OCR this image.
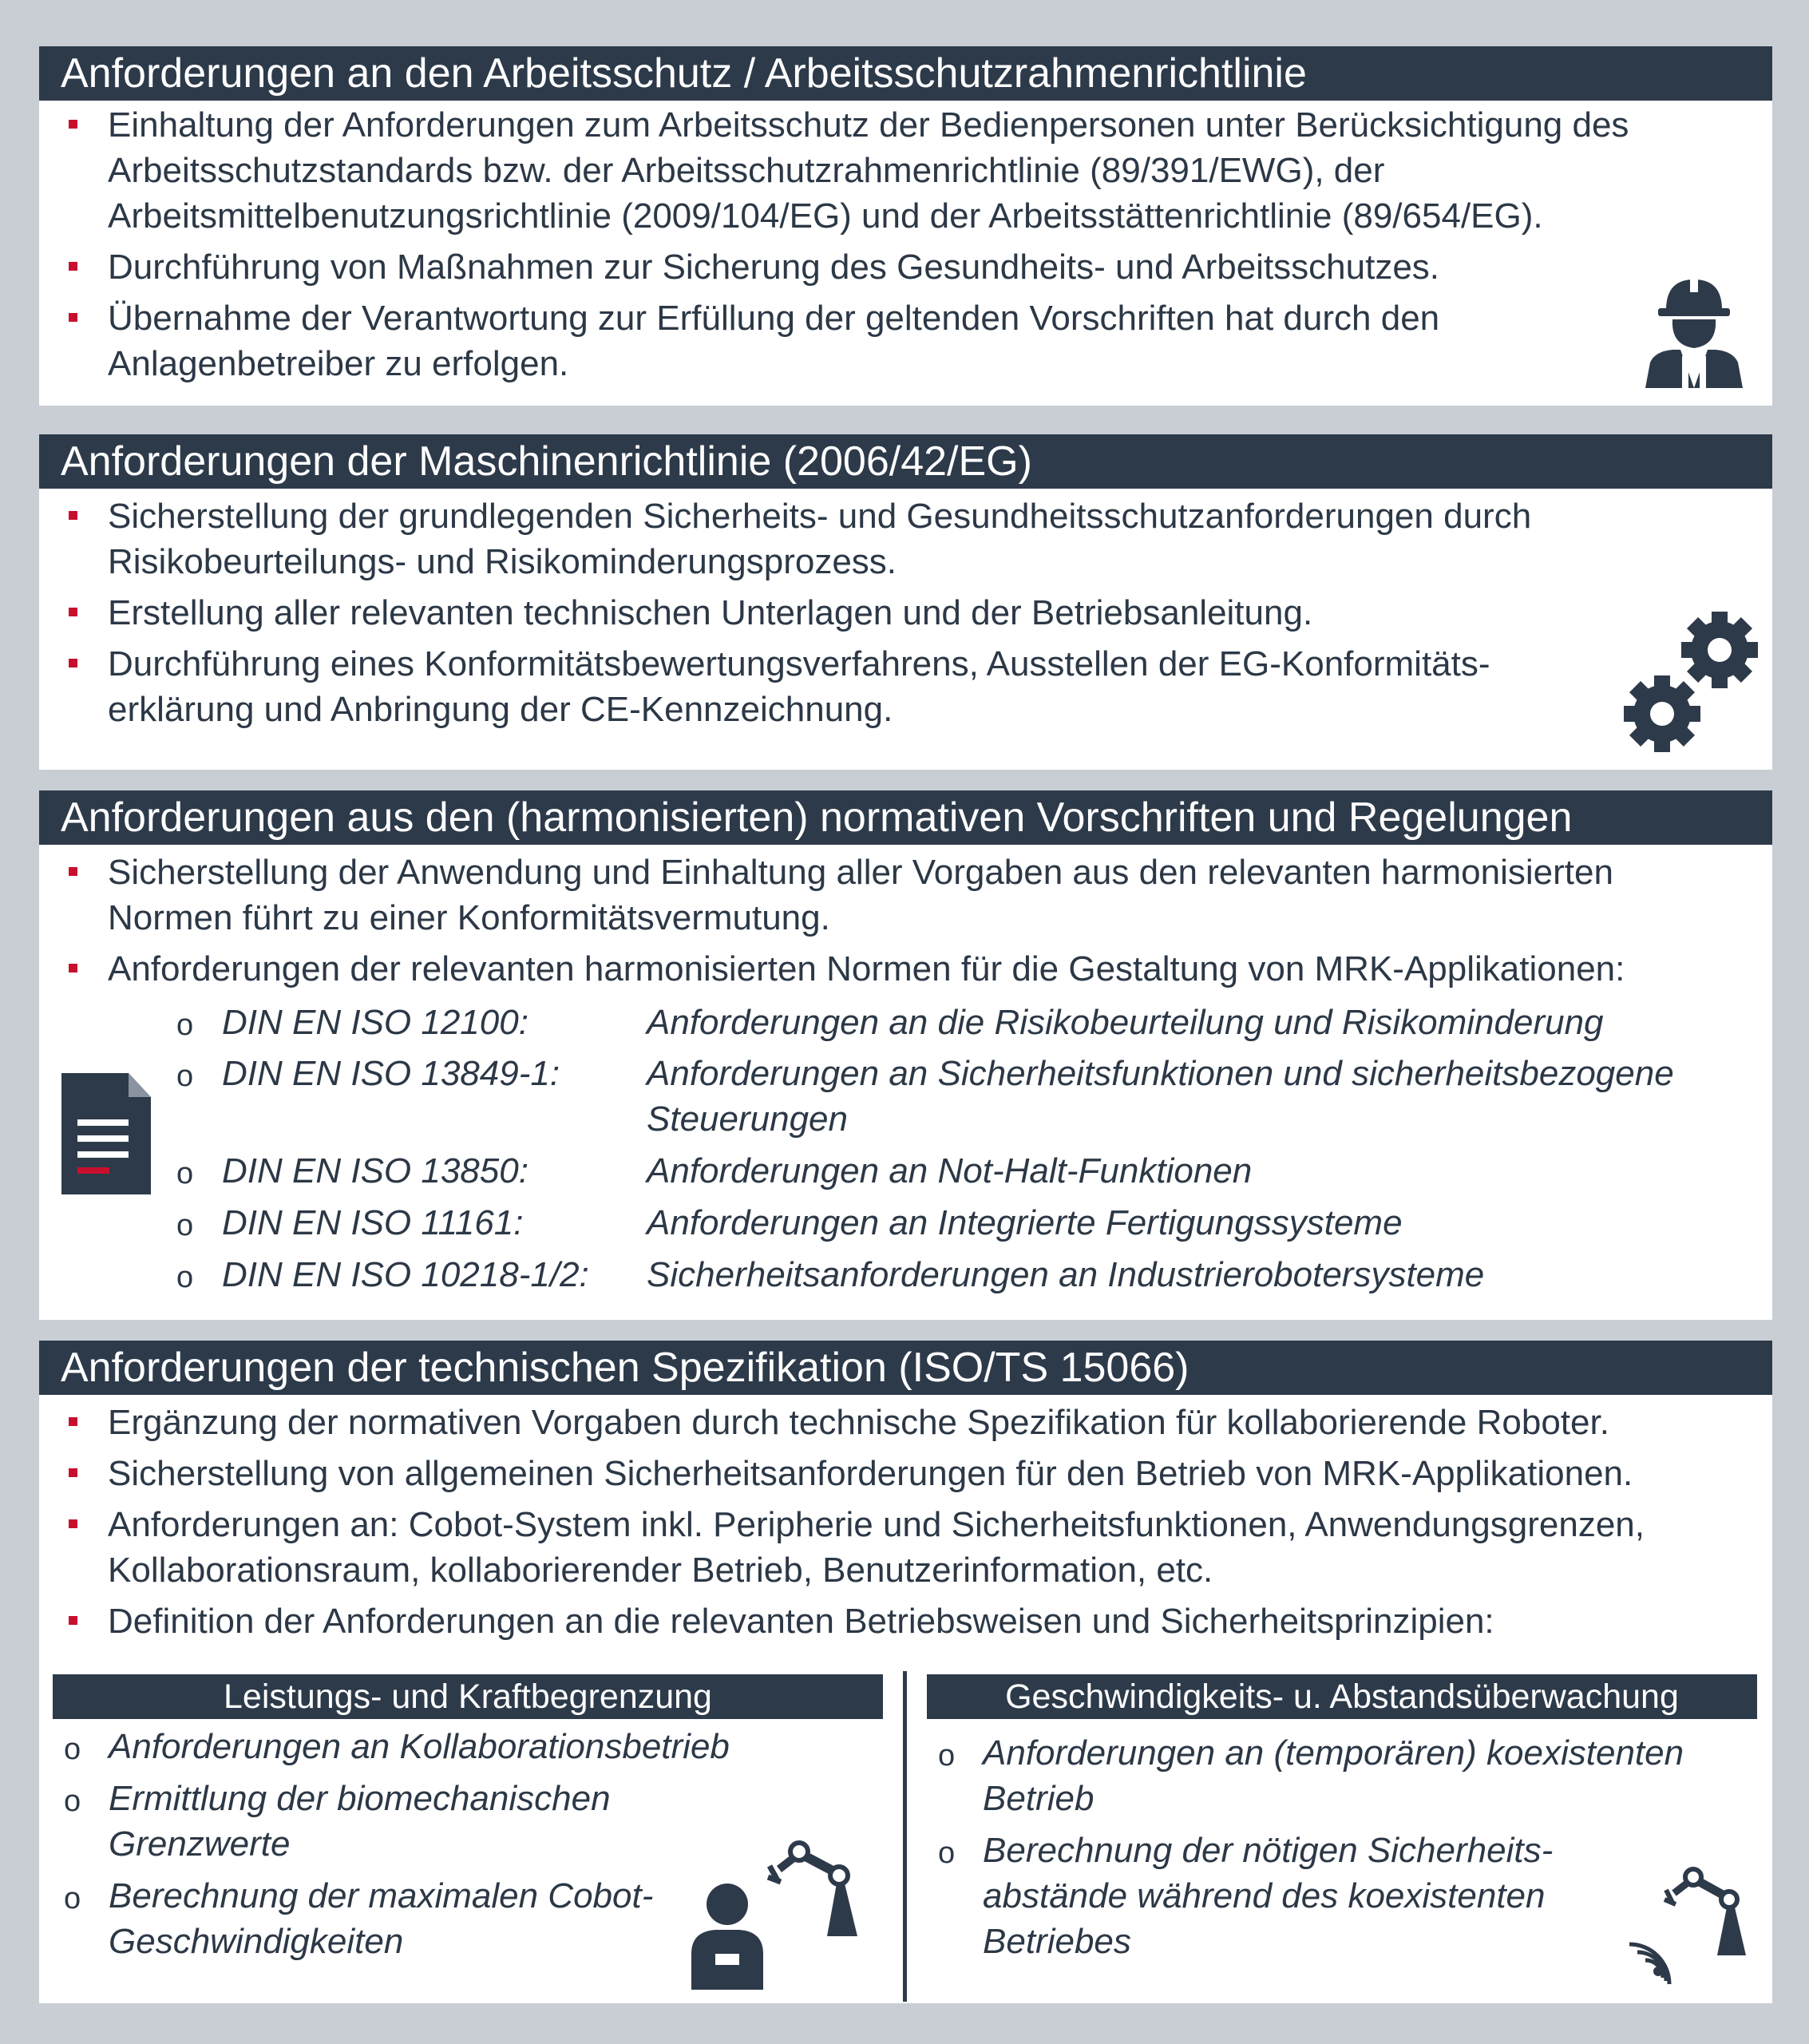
Anforderungen an den Arbeitsschutz / Arbeitsschutzrahmenrichtlinie
Einhaltung der Anforderungen zum Arbeitsschutz der Bedienpersonen unter Berücksichtigung des Arbeitsschutzstandards bzw. der Arbeitsschutzrahmenrichtlinie (89/391/EWG), der Arbeitsmittelbenutzungsrichtlinie (2009/104/EG) und der Arbeitsstättenrichtlinie (89/654/EG).
Durchführung von Maßnahmen zur Sicherung des Gesundheits- und Arbeitsschutzes.
Übernahme der Verantwortung zur Erfüllung der geltenden Vorschriften hat durch den Anlagenbetreiber zu erfolgen.
Anforderungen der Maschinenrichtlinie (2006/42/EG)
Sicherstellung der grundlegenden Sicherheits- und Gesundheitsschutzanforderungen durch Risikobeurteilungs- und Risikominderungsprozess.
Erstellung aller relevanten technischen Unterlagen und der Betriebsanleitung.
Durchführung eines Konformitätsbewertungsverfahrens, Ausstellen der EG-Konformitäts-erklärung und Anbringung der CE-Kennzeichnung.
Anforderungen aus den (harmonisierten) normativen Vorschriften und Regelungen
Sicherstellung der Anwendung und Einhaltung aller Vorgaben aus den relevanten harmonisierten Normen führt zu einer Konformitätsvermutung.
Anforderungen der relevanten harmonisierten Normen für die Gestaltung von MRK-Applikationen:
o DIN EN ISO 12100:	Anforderungen an die Risikobeurteilung und Risikominderung
o DIN EN ISO 13849-1: Anforderungen an Sicherheitsfunktionen und sicherheitsbezogene Steuerungen
o DIN EN ISO 13850:	Anforderungen an Not-Halt-Funktionen
o DIN EN ISO 11161:	Anforderungen an Integrierte Fertigungssysteme
o DIN EN ISO 10218-1/2: Sicherheitsanforderungen an Industrierobotersysteme
Anforderungen der technischen Spezifikation (ISO/TS 15066)
Ergänzung der normativen Vorgaben durch technische Spezifikation für kollaborierende Roboter.
Sicherstellung von allgemeinen Sicherheitsanforderungen für den Betrieb von MRK-Applikationen.
Anforderungen an: Cobot-System inkl. Peripherie und Sicherheitsfunktionen, Anwendungsgrenzen, Kollaborationsraum, kollaborierender Betrieb, Benutzerinformation, etc.
Definition der Anforderungen an die relevanten Betriebsweisen und Sicherheitsprinzipien:
Leistungs- und Kraftbegrenzung
o Anforderungen an Kollaborationsbetrieb
o Ermittlung der biomechanischen Grenzwerte
o Berechnung der maximalen Cobot-Geschwindigkeiten
Geschwindigkeits- u. Abstandsüberwachung
o Anforderungen an (temporären) koexistenten Betrieb
o Berechnung der nötigen Sicherheits-abstände während des koexistenten Betriebes
